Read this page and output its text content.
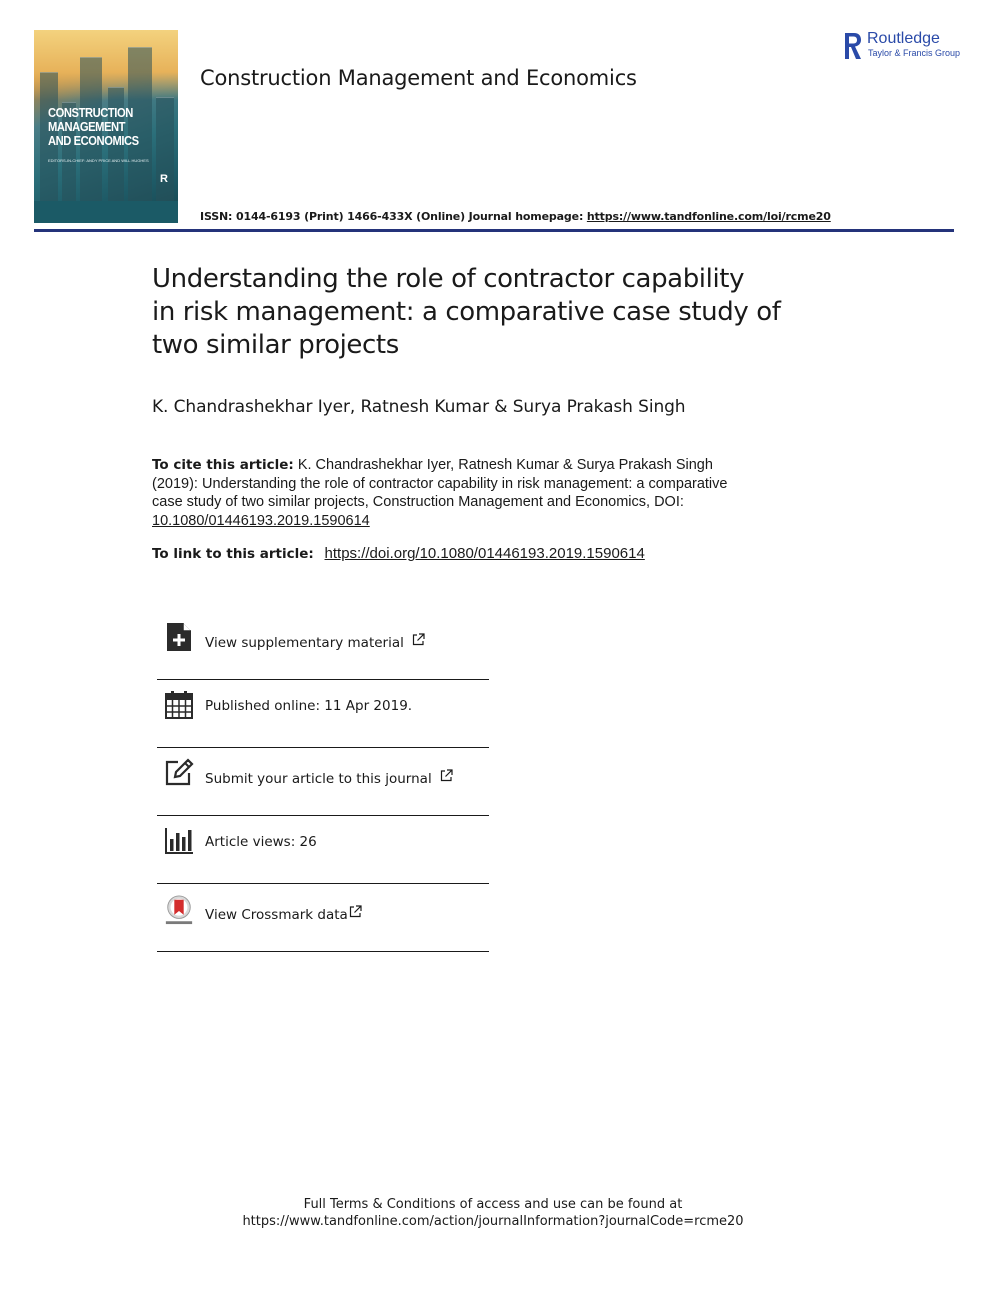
CONSTRUCTION
MANAGEMENT
AND ECONOMICS
EDITORS-IN-CHIEF: ANDY PRICE AND WILL HUGHES
R
Construction Management and Economics
Routledge
Taylor & Francis Group
ISSN: 0144-6193 (Print) 1466-433X (Online) Journal homepage: https://www.tandfonline.com/loi/rcme20
Understanding the role of contractor capability
in risk management: a comparative case study of
two similar projects
K. Chandrashekhar Iyer, Ratnesh Kumar & Surya Prakash Singh
To cite this article: K. Chandrashekhar Iyer, Ratnesh Kumar & Surya Prakash Singh
(2019): Understanding the role of contractor capability in risk management: a comparative
case study of two similar projects, Construction Management and Economics, DOI:
10.1080/01446193.2019.1590614
To link to this article: https://doi.org/10.1080/01446193.2019.1590614
View supplementary material
Published online: 11 Apr 2019.
Submit your article to this journal
Article views: 26
View Crossmark data
Full Terms & Conditions of access and use can be found at
https://www.tandfonline.com/action/journalInformation?journalCode=rcme20
